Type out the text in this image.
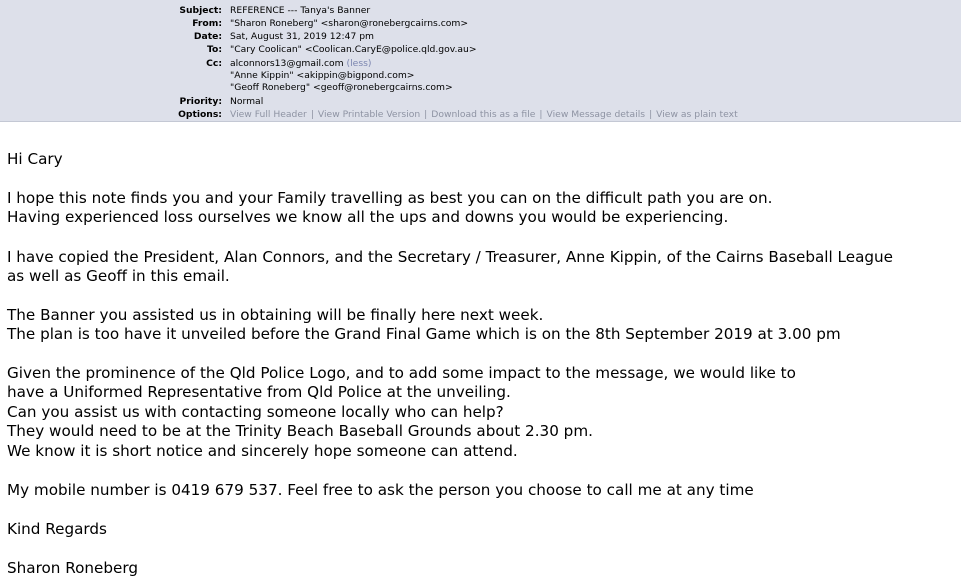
Subject: REFERENCE --- Tanya's Banner
From: "Sharon Roneberg" <sharon@ronebergcairns.com>
Date: Sat, August 31, 2019 12:47 pm
To: "Cary Coolican" <Coolican.CaryE@police.qld.gov.au>
Cc: alconnors13@gmail.com (less)
"Anne Kippin" <akippin@bigpond.com>
"Geoff Roneberg" <geoff@ronebergcairns.com>
Priority: Normal
Options: View Full Header | View Printable Version | Download this as a file | View Message details | View as plain text
Hi Cary
I hope this note finds you and your Family travelling as best you can on the difficult path you are on.
Having experienced loss ourselves we know all the ups and downs you would be experiencing.
I have copied the President, Alan Connors, and the Secretary / Treasurer, Anne Kippin, of the Cairns Baseball League
as well as Geoff in this email.
The Banner you assisted us in obtaining will be finally here next week.
The plan is too have it unveiled before the Grand Final Game which is on the 8th September 2019 at 3.00 pm
Given the prominence of the Qld Police Logo, and to add some impact to the message, we would like to
have a Uniformed Representative from Qld Police at the unveiling.
Can you assist us with contacting someone locally who can help?
They would need to be at the Trinity Beach Baseball Grounds about 2.30 pm.
We know it is short notice and sincerely hope someone can attend.
My mobile number is 0419 679 537. Feel free to ask the person you choose to call me at any time
Kind Regards
Sharon Roneberg
